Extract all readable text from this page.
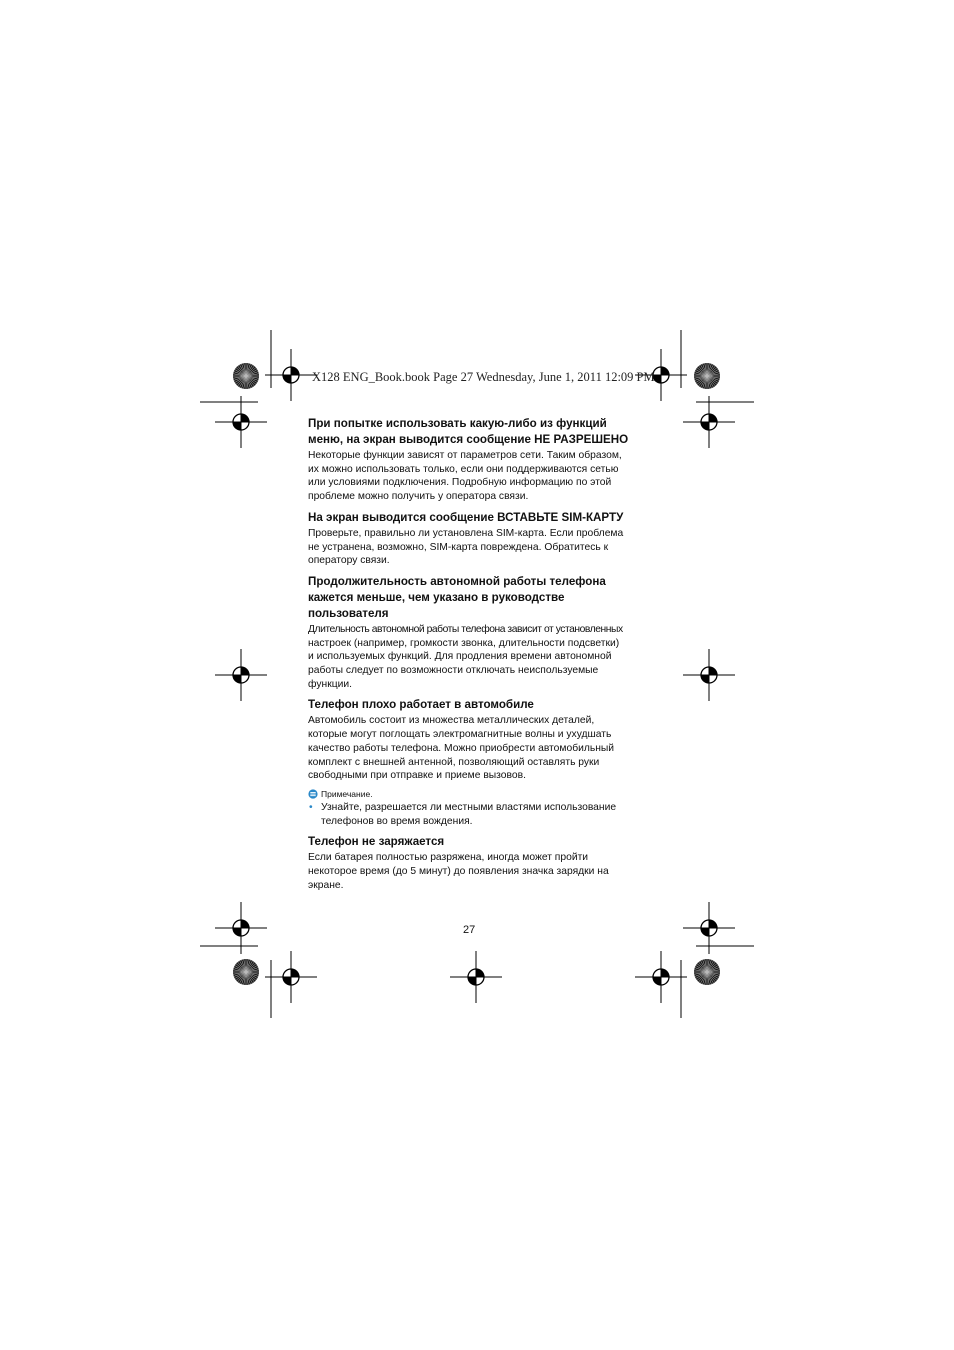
X128 ENG_Book.book Page 27 Wednesday, June 1, 2011 12:09 PM

При попытке использовать какую-либо из функций
меню, на экран выводится сообщение НЕ РАЗРЕШЕНО

Некоторые функции зависят от параметров сети. Таким образом,
их можно использовать только, если они поддерживаются сетью
или условиями подключения. Подробную информацию по этой
проблеме можно получить у оператора связи.

На экран выводится сообщение ВСТАВЬТЕ SIM-КАРТУ

Проверьте, правильно ли установлена SIM-карта. Если проблема
не устранена, возможно, SIM-карта повреждена. Обратитесь к
оператору связи.

Продолжительность автономной работы телефона
кажется меньше, чем указано в руководстве
пользователя

Длительность автономной работы телефона зависит от установленных
настроек (например, громкости звонка, длительности подсветки)
и используемых функций. Для продления времени автономной
работы следует по возможности отключать неиспользуемые
функции.

Телефон плохо работает в автомобиле

Автомобиль состоит из множества металлических деталей,
которые могут поглощать электромагнитные волны и ухудшать
качество работы телефона. Можно приобрести автомобильный
комплект с внешней антенной, позволяющий оставлять руки
свободными при отправке и приеме вызовов.

Примечание.
• Узнайте, разрешается ли местными властями использование
телефонов во время вождения.

Телефон не заряжается

Если батарея полностью разряжена, иногда может пройти
некоторое время (до 5 минут) до появления значка зарядки на
экране.

27
